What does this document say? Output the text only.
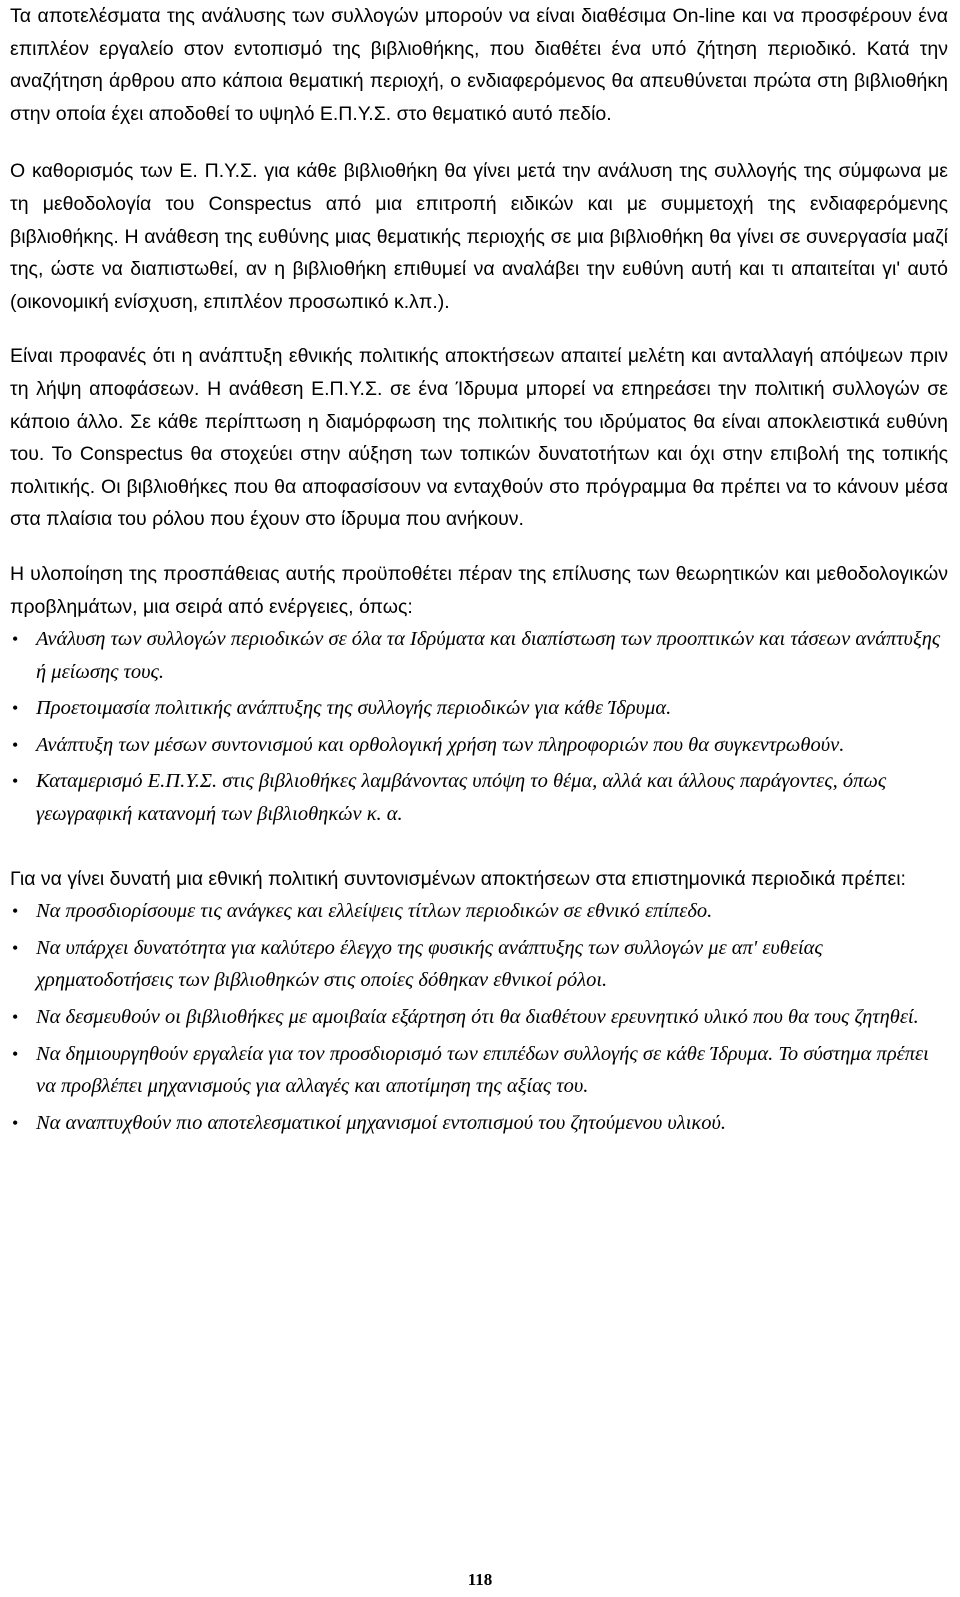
Τα αποτελέσματα της ανάλυσης των συλλογών μπορούν να είναι διαθέσιμα On-line και να προσφέρουν ένα επιπλέον εργαλείο στον εντοπισμό της βιβλιοθήκης, που διαθέτει ένα υπό ζήτηση περιοδικό. Κατά την αναζήτηση άρθρου απο κάποια θεματική περιοχή, ο ενδιαφερόμενος θα απευθύνεται πρώτα στη βιβλιοθήκη στην οποία έχει αποδοθεί το υψηλό Ε.Π.Υ.Σ. στο θεματικό αυτό πεδίο.

Ο καθορισμός των Ε. Π.Υ.Σ. για κάθε βιβλιοθήκη θα γίνει μετά την ανάλυση της συλλογής της σύμφωνα με τη μεθοδολογία του Conspectus από μια επιτροπή ειδικών και με συμμετοχή της ενδιαφερόμενης βιβλιοθήκης. Η ανάθεση της ευθύνης μιας θεματικής περιοχής σε μια βιβλιοθήκη θα γίνει σε συνεργασία μαζί της, ώστε να διαπιστωθεί, αν η βιβλιοθήκη επιθυμεί να αναλάβει την ευθύνη αυτή και τι απαιτείται γι' αυτό (οικονομική ενίσχυση, επιπλέον προσωπικό κ.λπ.).

Είναι προφανές ότι η ανάπτυξη εθνικής πολιτικής αποκτήσεων απαιτεί μελέτη και ανταλλαγή απόψεων πριν τη λήψη αποφάσεων. Η ανάθεση Ε.Π.Υ.Σ. σε ένα Ίδρυμα μπορεί να επηρεάσει την πολιτική συλλογών σε κάποιο άλλο. Σε κάθε περίπτωση η διαμόρφωση της πολιτικής του ιδρύματος θα είναι αποκλειστικά ευθύνη του. Το Conspectus θα στοχεύει στην αύξηση των τοπικών δυνατοτήτων και όχι στην επιβολή της τοπικής πολιτικής. Οι βιβλιοθήκες που θα αποφασίσουν να ενταχθούν στο πρόγραμμα θα πρέπει να το κάνουν μέσα στα πλαίσια του ρόλου που έχουν στο ίδρυμα που ανήκουν.

Η υλοποίηση της προσπάθειας αυτής προϋποθέτει πέραν της επίλυσης των θεωρητικών και μεθοδολογικών προβλημάτων, μια σειρά από ενέργειες, όπως:

• Ανάλυση των συλλογών περιοδικών σε όλα τα Ιδρύματα και διαπίστωση των προοπτικών και τάσεων ανάπτυξης ή μείωσης τους.
• Προετοιμασία πολιτικής ανάπτυξης της συλλογής περιοδικών για κάθε Ίδρυμα.
• Ανάπτυξη των μέσων συντονισμού και ορθολογική χρήση των πληροφοριών που θα συγκεντρωθούν.
• Καταμερισμό Ε.Π.Υ.Σ. στις βιβλιοθήκες λαμβάνοντας υπόψη το θέμα, αλλά και άλλους παράγοντες, όπως γεωγραφική κατανομή των βιβλιοθηκών κ. α.

Για να γίνει δυνατή μια εθνική πολιτική συντονισμένων αποκτήσεων στα επιστημονικά περιοδικά πρέπει:

• Να προσδιορίσουμε τις ανάγκες και ελλείψεις τίτλων περιοδικών σε εθνικό επίπεδο.
• Να υπάρχει δυνατότητα για καλύτερο έλεγχο της φυσικής ανάπτυξης των συλλογών με απ' ευθείας χρηματοδοτήσεις των βιβλιοθηκών στις οποίες δόθηκαν εθνικοί ρόλοι.
• Να δεσμευθούν οι βιβλιοθήκες με αμοιβαία εξάρτηση ότι θα διαθέτουν ερευνητικό υλικό που θα τους ζητηθεί.
• Να δημιουργηθούν εργαλεία για τον προσδιορισμό των επιπέδων συλλογής σε κάθε Ίδρυμα. Το σύστημα πρέπει να προβλέπει μηχανισμούς για αλλαγές και αποτίμηση της αξίας του.
• Να αναπτυχθούν πιο αποτελεσματικοί μηχανισμοί εντοπισμού του ζητούμενου υλικού.
118
